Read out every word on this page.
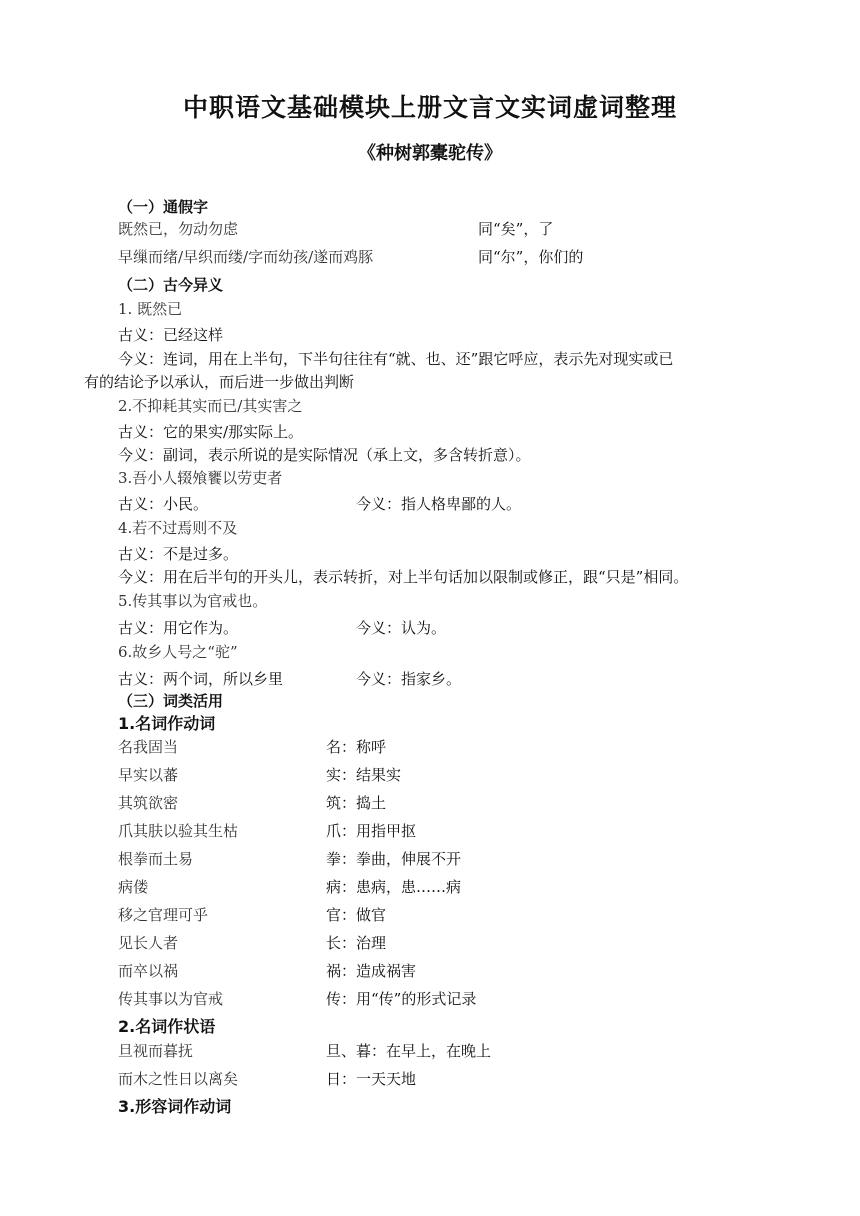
中职语文基础模块上册文言文实词虚词整理
《种树郭橐驼传》
（一）通假字
既然已，勿动勿虑	同“矣”，了
早缫而绪/早织而缕/字而幼孩/遂而鸡豚	同“尔”，你们的
（二）古今异义
1. 既然已
古义：已经这样
今义：连词，用在上半句，下半句往往有“就、也、还”跟它呼应，表示先对现实或已
有的结论予以承认，而后进一步做出判断
2.不抑耗其实而已/其实害之
古义：它的果实/那实际上。
今义：副词，表示所说的是实际情况（承上文，多含转折意）。
3.吾小人辍飧饔以劳吏者
古义：小民。	今义：指人格卑鄙的人。
4.若不过焉则不及
古义：不是过多。
今义：用在后半句的开头儿，表示转折，对上半句话加以限制或修正，跟“只是”相同。
5.传其事以为官戒也。
古义：用它作为。	今义：认为。
6.故乡人号之“驼”
古义：两个词，所以乡里	今义：指家乡。
（三）词类活用
1.名词作动词
名我固当	名：称呼
早实以蕃	实：结果实
其筑欲密	筑：捣土
爪其肤以验其生枯	爪：用指甲抠
根拳而土易	拳：拳曲，伸展不开
病偻	病：患病，患……病
移之官理可乎	官：做官
见长人者	长：治理
而卒以祸	祸：造成祸害
传其事以为官戒	传：用“传”的形式记录
2.名词作状语
旦视而暮抚	旦、暮：在早上，在晚上
而木之性日以离矣	日：一天天地
3.形容词作动词
